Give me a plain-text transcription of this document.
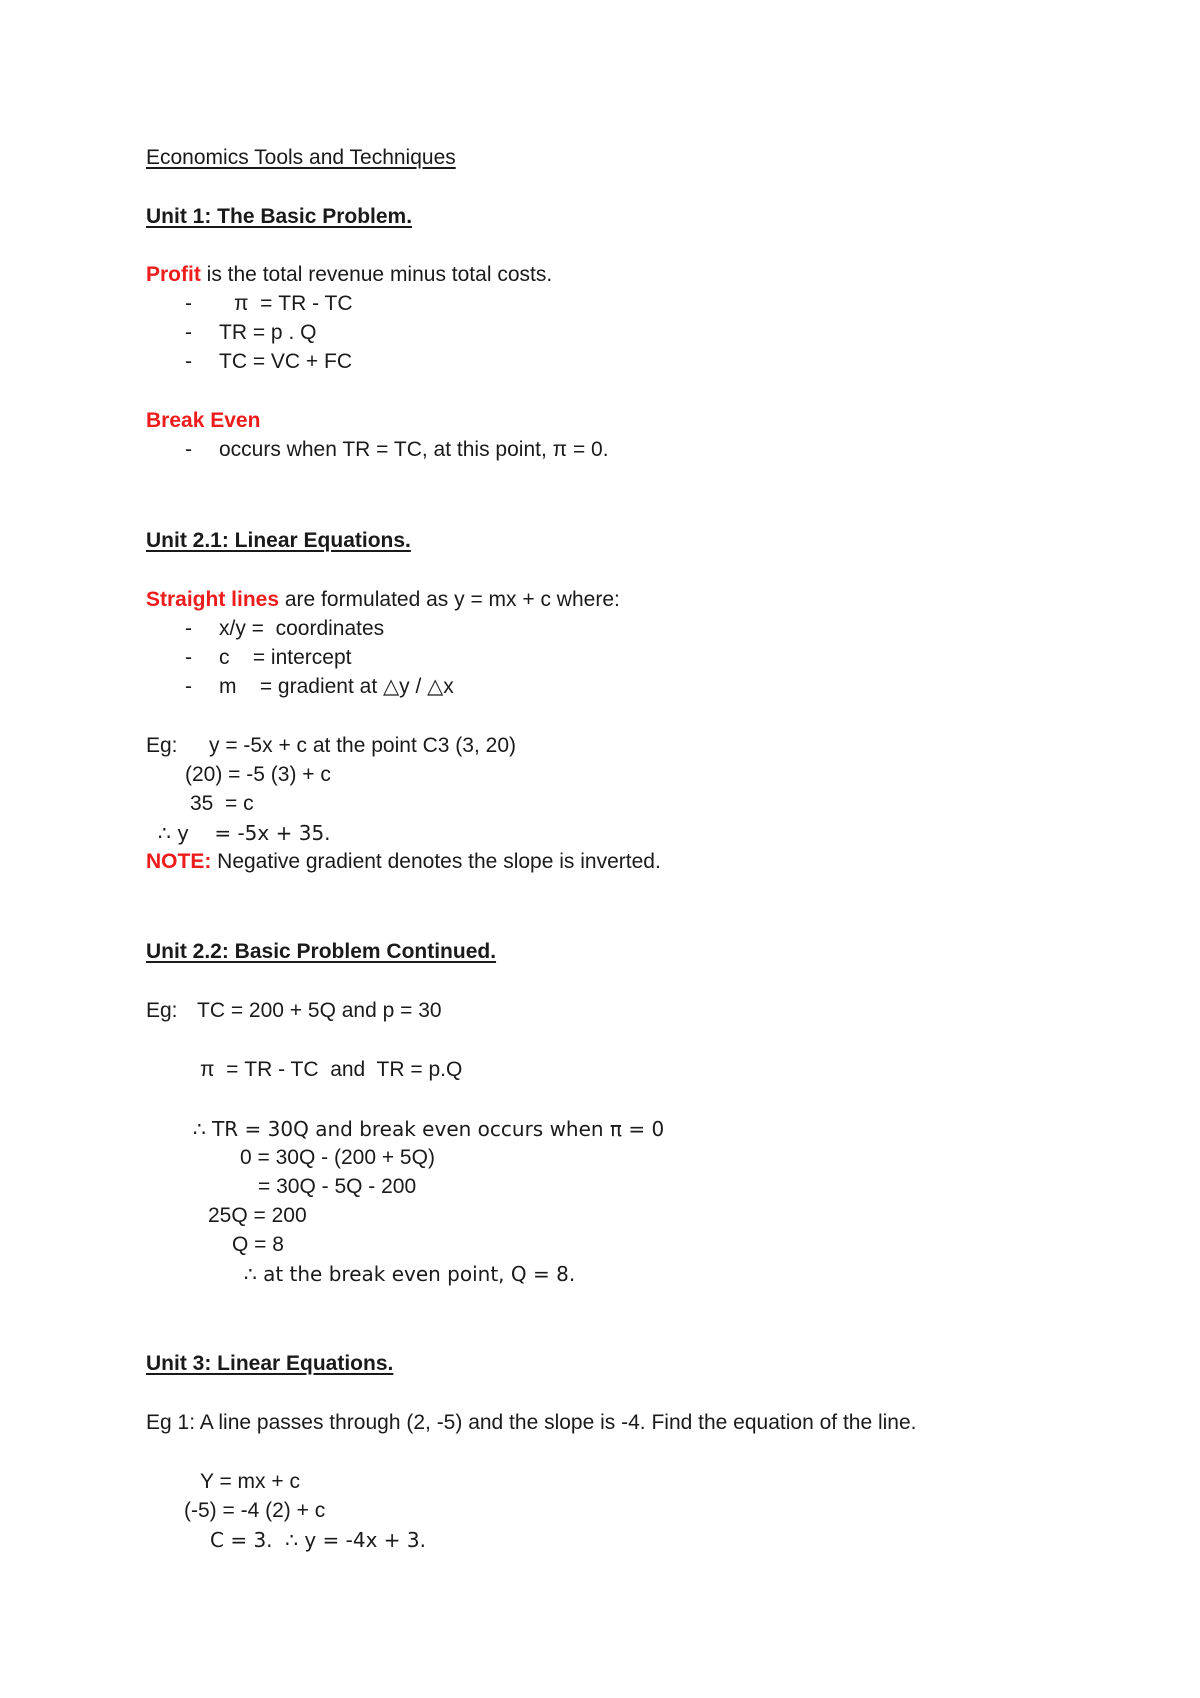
Economics Tools and Techniques
Unit 1: The Basic Problem.
Profit is the total revenue minus total costs.
- π  = TR - TC
- TR = p . Q
- TC = VC + FC
Break Even
- occurs when TR = TC, at this point, π = 0.
Unit 2.1: Linear Equations.
Straight lines are formulated as y = mx + c where:
- x/y =  coordinates
- c    = intercept
- m    = gradient at △y / △x
Eg: y = -5x + c at the point C3 (3, 20)
(20) = -5 (3) + c
35  = c
∴ y    = -5x + 35.
NOTE: Negative gradient denotes the slope is inverted.
Unit 2.2: Basic Problem Continued.
Eg: TC = 200 + 5Q and p = 30
π  = TR - TC  and  TR = p.Q
∴ TR = 30Q and break even occurs when π = 0
0 = 30Q - (200 + 5Q)
= 30Q - 5Q - 200
25Q = 200
Q = 8
∴ at the break even point, Q = 8.
Unit 3: Linear Equations.
Eg 1: A line passes through (2, -5) and the slope is -4. Find the equation of the line.
Y = mx + c
(-5) = -4 (2) + c
C = 3.  ∴ y = -4x + 3.
